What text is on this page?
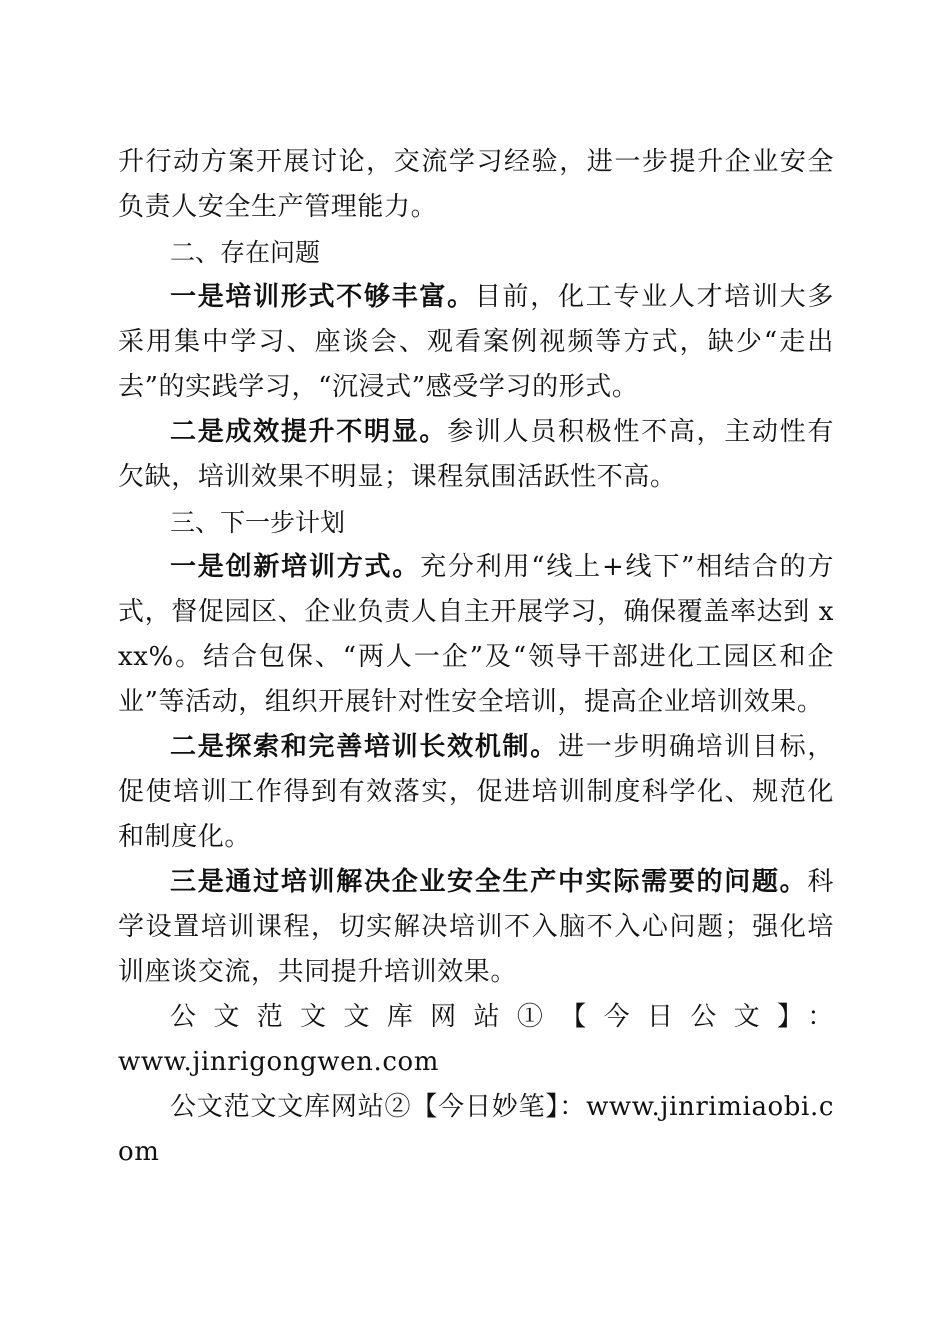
升行动方案开展讨论，交流学习经验，进一步提升企业安全负责人安全生产管理能力。

二、存在问题

一是培训形式不够丰富。目前，化工专业人才培训大多采用集中学习、座谈会、观看案例视频等方式，缺少“走出去”的实践学习，“沉浸式”感受学习的形式。

二是成效提升不明显。参训人员积极性不高，主动性有欠缺，培训效果不明显；课程氛围活跃性不高。

三、下一步计划

一是创新培训方式。充分利用“线上+线下”相结合的方式，督促园区、企业负责人自主开展学习，确保覆盖率达到 xxx%。结合包保、“两人一企”及“领导干部进化工园区和企业”等活动，组织开展针对性安全培训，提高企业培训效果。

二是探索和完善培训长效机制。进一步明确培训目标，促使培训工作得到有效落实，促进培训制度科学化、规范化和制度化。

三是通过培训解决企业安全生产中实际需要的问题。科学设置培训课程，切实解决培训不入脑不入心问题；强化培训座谈交流，共同提升培训效果。

公文范文文库网站①【今日公文】：

www.jinrigongwen.com

公文范文文库网站②【今日妙笔】：www.jinrimiaobi.com
